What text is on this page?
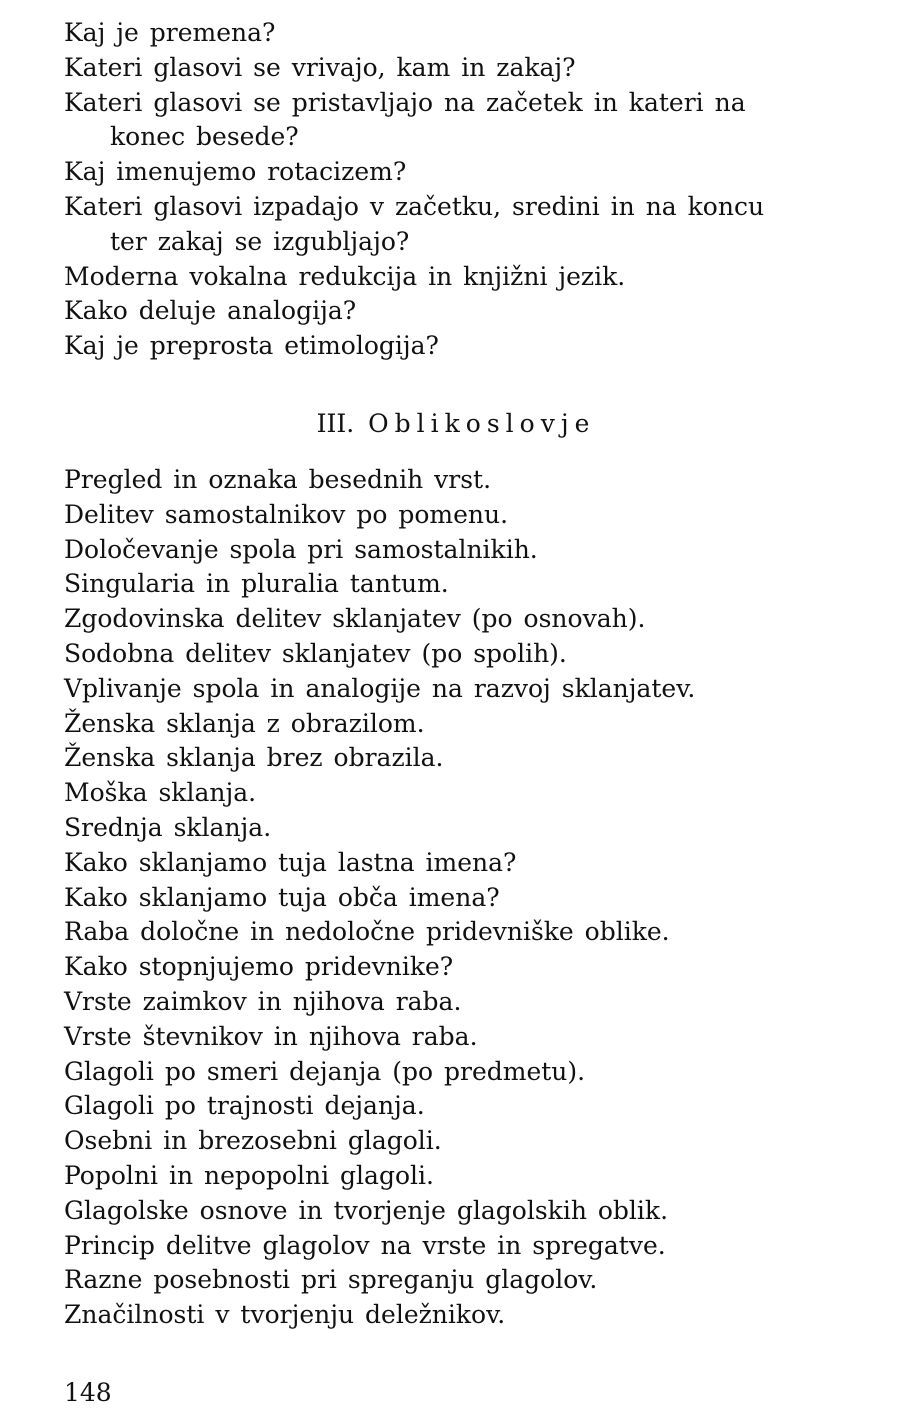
Kaj je premena?
Kateri glasovi se vrivajo, kam in zakaj?
Kateri glasovi se pristavljajo na začetek in kateri na
konec besede?
Kaj imenujemo rotacizem?
Kateri glasovi izpadajo v začetku, sredini in na koncu
ter zakaj se izgubljajo?
Moderna vokalna redukcija in knjižni jezik.
Kako deluje analogija?
Kaj je preprosta etimologija?
III. Oblikoslovje
Pregled in oznaka besednih vrst.
Delitev samostalnikov po pomenu.
Določevanje spola pri samostalnikih.
Singularia in pluralia tantum.
Zgodovinska delitev sklanjatev (po osnovah).
Sodobna delitev sklanjatev (po spolih).
Vplivanje spola in analogije na razvoj sklanjatev.
Ženska sklanja z obrazilom.
Ženska sklanja brez obrazila.
Moška sklanja.
Srednja sklanja.
Kako sklanjamo tuja lastna imena?
Kako sklanjamo tuja obča imena?
Raba določne in nedoločne pridevniške oblike.
Kako stopnjujemo pridevnike?
Vrste zaimkov in njihova raba.
Vrste števnikov in njihova raba.
Glagoli po smeri dejanja (po predmetu).
Glagoli po trajnosti dejanja.
Osebni in brezosebni glagoli.
Popolni in nepopolni glagoli.
Glagolske osnove in tvorjenje glagolskih oblik.
Princip delitve glagolov na vrste in spregatve.
Razne posebnosti pri spreganju glagolov.
Značilnosti v tvorjenju deležnikov.
148
